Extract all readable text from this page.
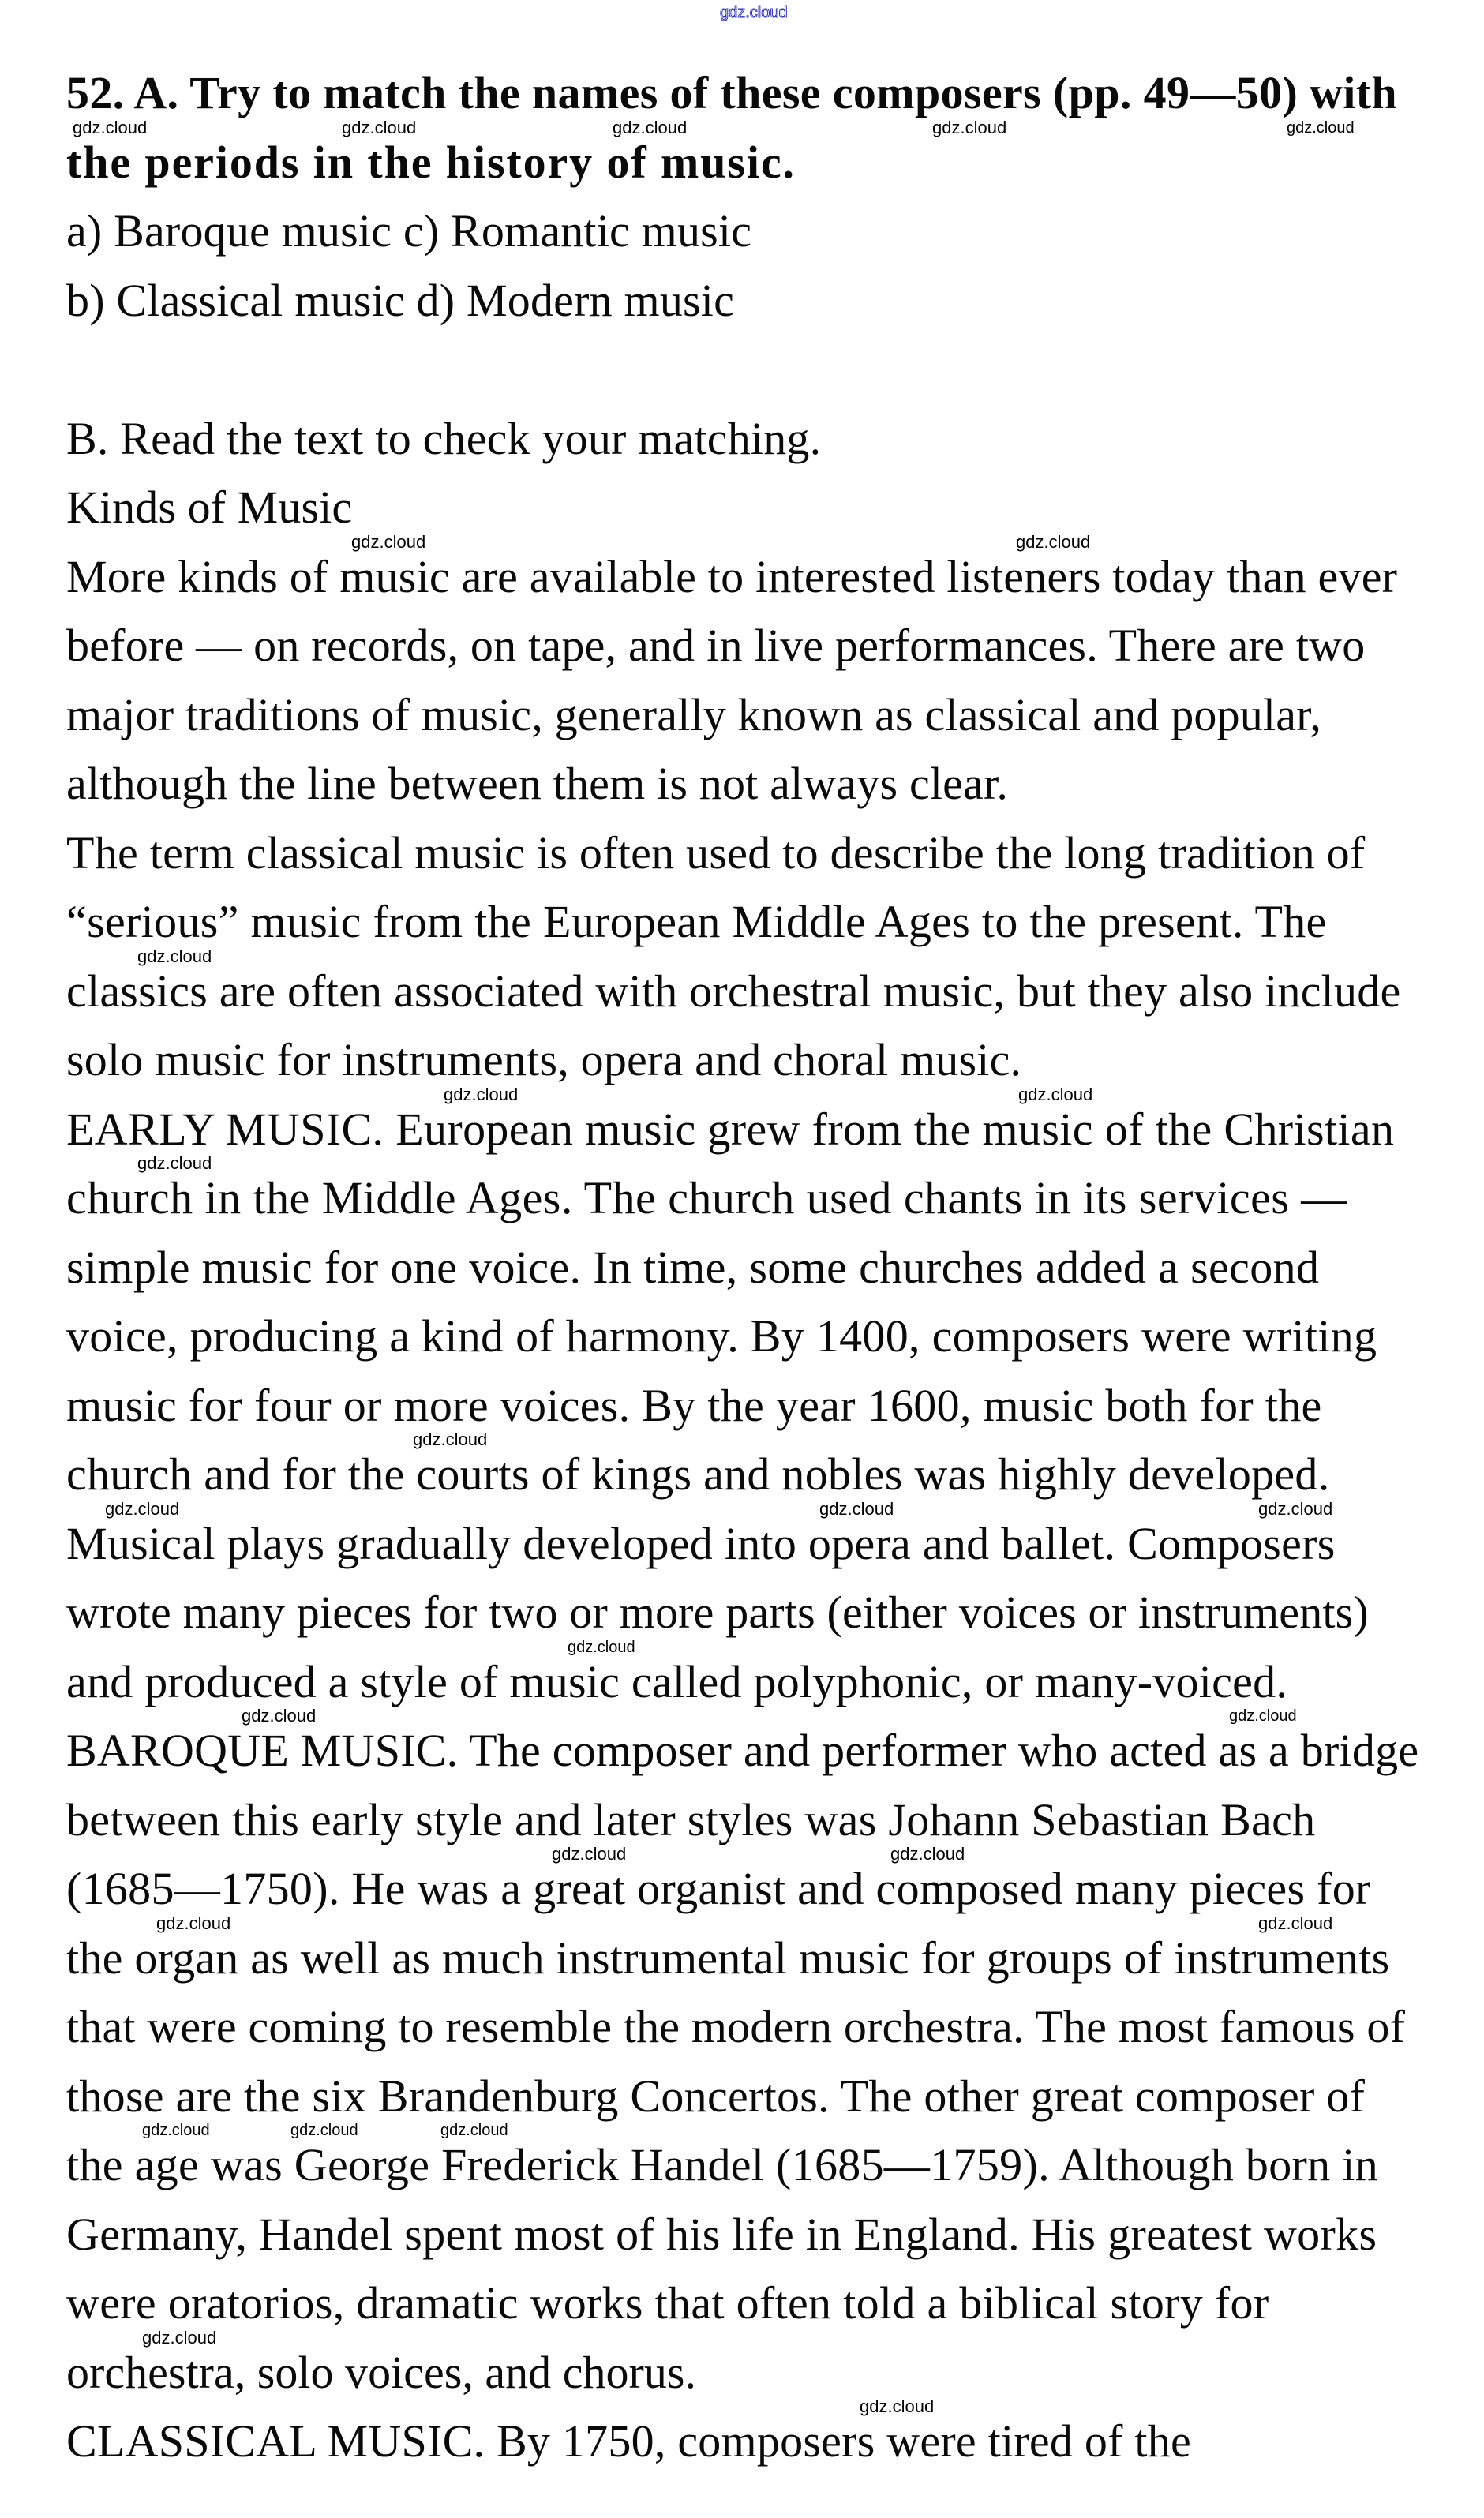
gdz.cloud
52. A. Try to match the names of these composers (pp. 49—50) with
the periods in the history of music.
a) Baroque music c) Romantic music
b) Classical music d) Modern music
B. Read the text to check your matching.
Kinds of Music
More kinds of music are available to interested listeners today than ever
before — on records, on tape, and in live performances. There are two
major traditions of music, generally known as classical and popular,
although the line between them is not always clear.
The term classical music is often used to describe the long tradition of
“serious” music from the European Middle Ages to the present. The
classics are often associated with orchestral music, but they also include
solo music for instruments, opera and choral music.
EARLY MUSIC. European music grew from the music of the Christian
church in the Middle Ages. The church used chants in its services —
simple music for one voice. In time, some churches added a second
voice, producing a kind of harmony. By 1400, composers were writing
music for four or more voices. By the year 1600, music both for the
church and for the courts of kings and nobles was highly developed.
Musical plays gradually developed into opera and ballet. Composers
wrote many pieces for two or more parts (either voices or instruments)
and produced a style of music called polyphonic, or many-voiced.
BAROQUE MUSIC. The composer and performer who acted as a bridge
between this early style and later styles was Johann Sebastian Bach
(1685—1750). He was a great organist and composed many pieces for
the organ as well as much instrumental music for groups of instruments
that were coming to resemble the modern orchestra. The most famous of
those are the six Brandenburg Concertos. The other great composer of
the age was George Frederick Handel (1685—1759). Although born in
Germany, Handel spent most of his life in England. His greatest works
were oratorios, dramatic works that often told a biblical story for
orchestra, solo voices, and chorus.
CLASSICAL MUSIC. By 1750, composers were tired of the
gdz.cloud	gdz.cloud	gdz.cloud	gdz.cloud	gdz.cloud
gdz.cloud	gdz.cloud
gdz.cloud
gdz.cloud
gdz.cloud
gdz.cloud
gdz.cloud
gdz.cloud	gdz.cloud	gdz.cloud
gdz.cloud
gdz.cloud	gdz.cloud
gdz.cloud	gdz.cloud
gdz.cloud	gdz.cloud
gdz.cloud	gdz.cloud	gdz.cloud
gdz.cloud
gdz.cloud
